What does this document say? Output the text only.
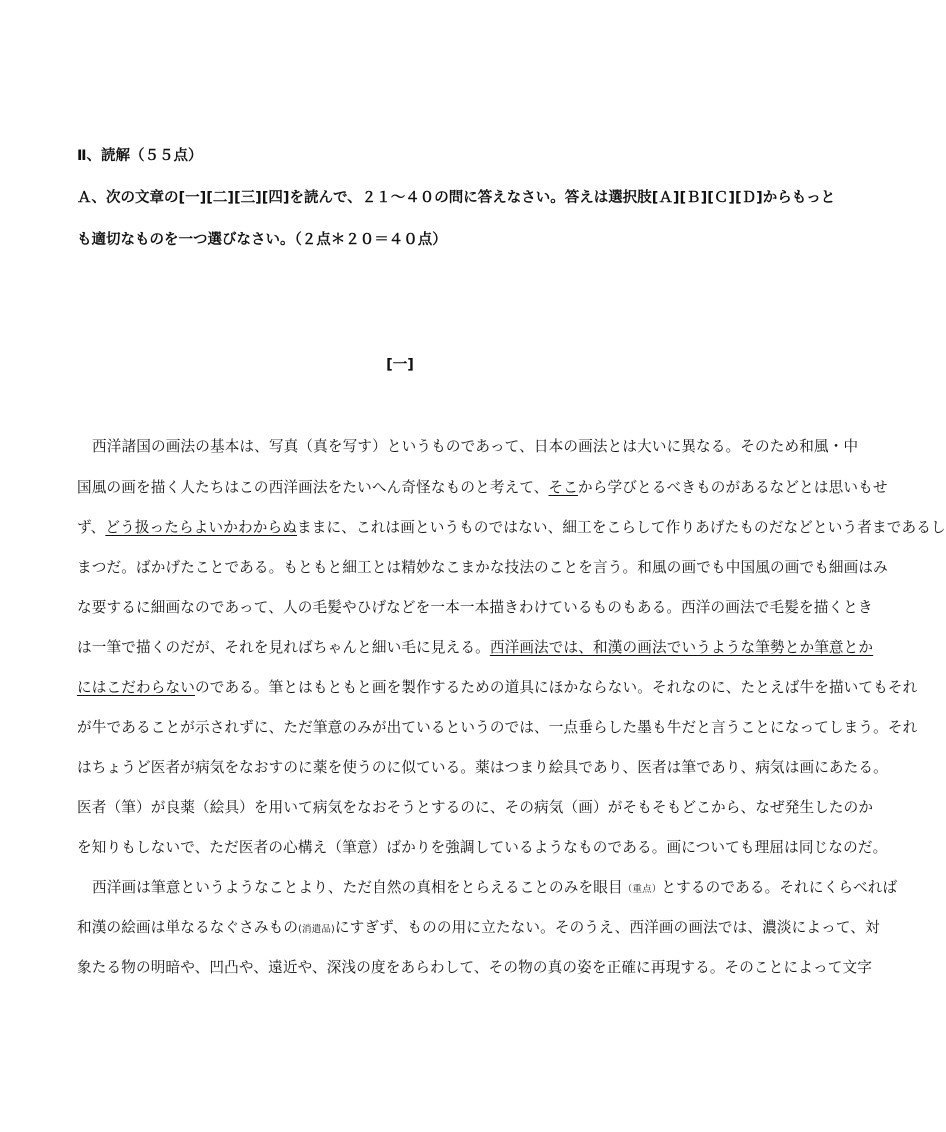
Ⅱ、読解（５５点）

Ａ、次の文章の[一][二][三][四]を読んで、２１～４０の問に答えなさい。答えは選択肢[Ａ][Ｂ][Ｃ][Ｄ]からもっと

も適切なものを一つ選びなさい。（２点＊２０＝４０点）

[一]

西洋諸国の画法の基本は、写真（真を写す）というものであって、日本の画法とは大いに異なる。そのため和風・中

国風の画を描く人たちはこの西洋画法をたいへん奇怪なものと考えて、そこから学びとるべきものがあるなどとは思いもせ

ず、どう扱ったらよいかわからぬままに、これは画というものではない、細工をこらして作りあげたものだなどという者まであるし

まつだ。ばかげたことである。もともと細工とは精妙なこまかな技法のことを言う。和風の画でも中国風の画でも細画はみ

な要するに細画なのであって、人の毛髪やひげなどを一本一本描きわけているものもある。西洋の画法で毛髪を描くとき

は一筆で描くのだが、それを見ればちゃんと細い毛に見える。西洋画法では、和漢の画法でいうような筆勢とか筆意とか

にはこだわらないのである。筆とはもともと画を製作するための道具にほかならない。それなのに、たとえば牛を描いてもそれ

が牛であることが示されずに、ただ筆意のみが出ているというのでは、一点垂らした墨も牛だと言うことになってしまう。それ

はちょうど医者が病気をなおすのに薬を使うのに似ている。薬はつまり絵具であり、医者は筆であり、病気は画にあたる。

医者（筆）が良薬（絵具）を用いて病気をなおそうとするのに、その病気（画）がそもそもどこから、なぜ発生したのか

を知りもしないで、ただ医者の心構え（筆意）ばかりを強調しているようなものである。画についても理屈は同じなのだ。

西洋画は筆意というようなことより、ただ自然の真相をとらえることのみを眼目（重点）とするのである。それにくらべれば

和漢の絵画は単なるなぐさみもの(消遣品)にすぎず、ものの用に立たない。そのうえ、西洋画の画法では、濃淡によって、対

象たる物の明暗や、凹凸や、遠近や、深浅の度をあらわして、その物の真の姿を正確に再現する。そのことによって文字
